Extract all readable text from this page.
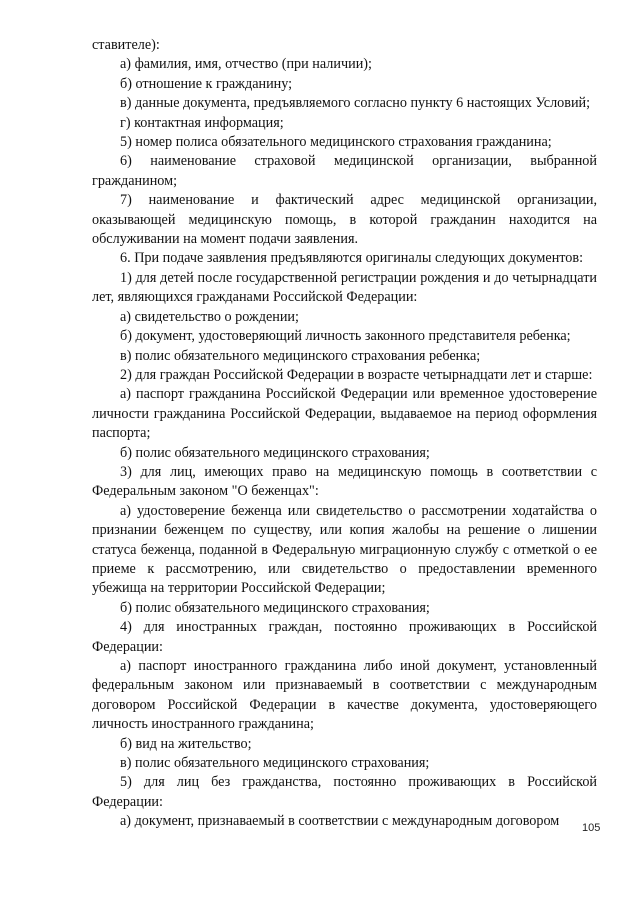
ставителе):

а) фамилия, имя, отчество (при наличии);

б) отношение к гражданину;

в) данные документа, предъявляемого согласно пункту 6 настоящих Условий;

г) контактная информация;

5) номер полиса обязательного медицинского страхования гражданина;

6) наименование страховой медицинской организации, выбранной гражданином;

7) наименование и фактический адрес медицинской организации, оказывающей медицинскую помощь, в которой гражданин находится на обслуживании на момент подачи заявления.

6. При подаче заявления предъявляются оригиналы следующих документов:

1) для детей после государственной регистрации рождения и до четырнадцати лет, являющихся гражданами Российской Федерации:

а) свидетельство о рождении;

б) документ, удостоверяющий личность законного представителя ребенка;

в) полис обязательного медицинского страхования ребенка;

2) для граждан Российской Федерации в возрасте четырнадцати лет и старше:

а) паспорт гражданина Российской Федерации или временное удостоверение личности гражданина Российской Федерации, выдаваемое на период оформления паспорта;

б) полис обязательного медицинского страхования;

3) для лиц, имеющих право на медицинскую помощь в соответствии с Федеральным законом "О беженцах":

а) удостоверение беженца или свидетельство о рассмотрении ходатайства о признании беженцем по существу, или копия жалобы на решение о лишении статуса беженца, поданной в Федеральную миграционную службу с отметкой о ее приеме к рассмотрению, или свидетельство о предоставлении временного убежища на территории Российской Федерации;

б) полис обязательного медицинского страхования;

4) для иностранных граждан, постоянно проживающих в Российской Федерации:

а) паспорт иностранного гражданина либо иной документ, установленный федеральным законом или признаваемый в соответствии с международным договором Российской Федерации в качестве документа, удостоверяющего личность иностранного гражданина;

б) вид на жительство;

в) полис обязательного медицинского страхования;

5) для лиц без гражданства, постоянно проживающих в Российской Федерации:

а) документ, признаваемый в соответствии с международным договором	105
